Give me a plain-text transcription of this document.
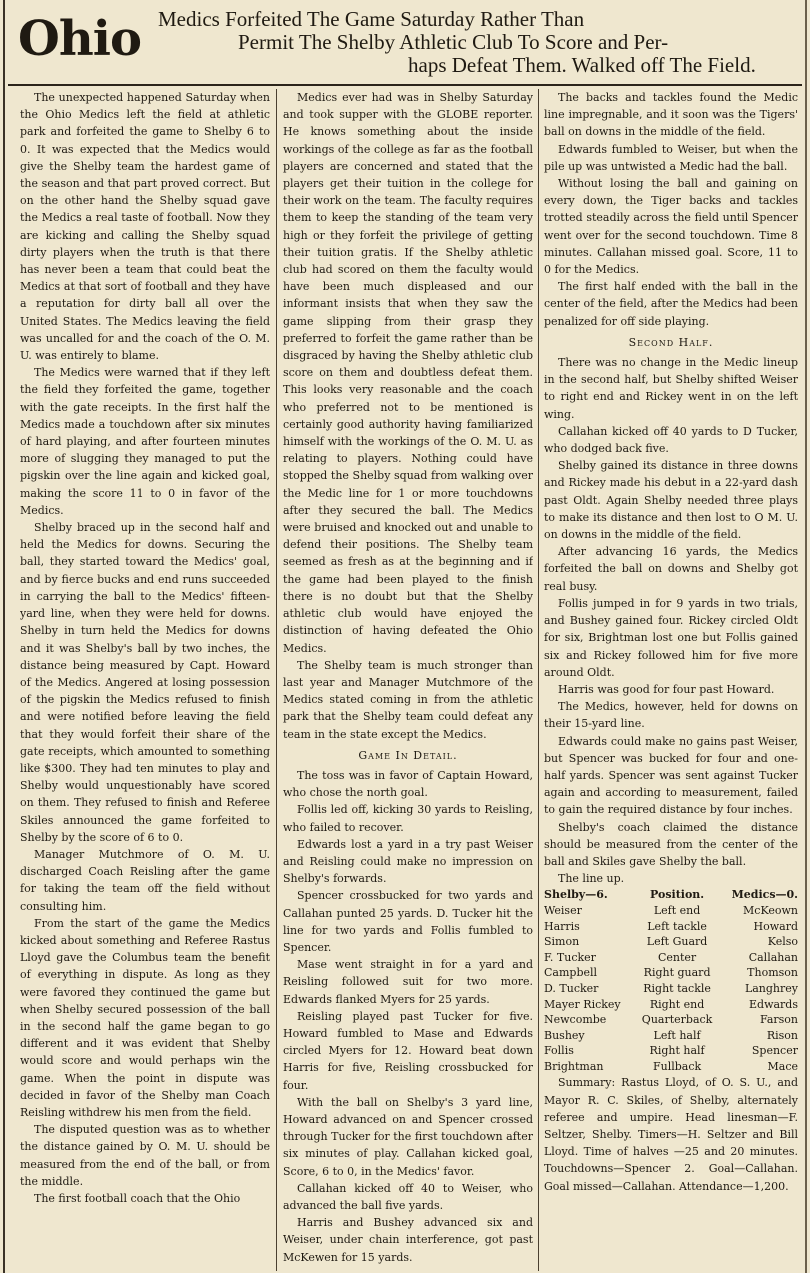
Ohio Medics Forfeited The Game Saturday Rather Than
Permit The Shelby Athletic Club To Score and Per-
haps Defeat Them. Walked off The Field.

The unexpected happened Saturday when the Ohio Medics left the field at athletic park and forfeited the game to Shelby 6 to 0. It was expected that the Medics would give the Shelby team the hardest game of the season and that part proved correct. But on the other hand the Shelby squad gave the Medics a real taste of football. Now they are kicking and calling the Shelby squad dirty players when the truth is that there has never been a team that could beat the Medics at that sort of football and they have a reputation for dirty ball all over the United States. The Medics leaving the field was uncalled for and the coach of the O. M. U. was entirely to blame.

The Medics were warned that if they left the field they forfeited the game, together with the gate receipts. In the first half the Medics made a touchdown after six minutes of hard playing, and after fourteen minutes more of slugging they managed to put the pigskin over the line again and kicked goal, making the score 11 to 0 in favor of the Medics.

Shelby braced up in the second half and held the Medics for downs. Securing the ball, they started toward the Medics' goal, and by fierce bucks and end runs succeeded in carrying the ball to the Medics' fifteen-yard line, when they were held for downs. Shelby in turn held the Medics for downs and it was Shelby's ball by two inches, the distance being measured by Capt. Howard of the Medics. Angered at losing possession of the pigskin the Medics refused to finish and were notified before leaving the field that they would forfeit their share of the gate receipts, which amounted to something like $300. They had ten minutes to play and Shelby would unquestionably have scored on them. They refused to finish and Referee Skiles announced the game forfeited to Shelby by the score of 6 to 0.

Manager Mutchmore of O. M. U. discharged Coach Reisling after the game for taking the team off the field without consulting him.

From the start of the game the Medics kicked about something and Referee Rastus Lloyd gave the Columbus team the benefit of everything in dispute. As long as they were favored they continued the game but when Shelby secured possession of the ball in the second half the game began to go different and it was evident that Shelby would score and would perhaps win the game. When the point in dispute was decided in favor of the Shelby man Coach Reisling withdrew his men from the field.

The disputed question was as to whether the distance gained by O. M. U. should be measured from the end of the ball, or from the middle.

The first football coach that the Ohio

Medics ever had was in Shelby Saturday and took supper with the GLOBE reporter. He knows something about the inside workings of the college as far as the football players are concerned and stated that the players get their tuition in the college for their work on the team. The faculty requires them to keep the standing of the team very high or they forfeit the privilege of getting their tuition gratis. If the Shelby athletic club had scored on them the faculty would have been much displeased and our informant insists that when they saw the game slipping from their grasp they preferred to forfeit the game rather than be disgraced by having the Shelby athletic club score on them and doubtless defeat them. This looks very reasonable and the coach who preferred not to be mentioned is certainly good authority having familiarized himself with the workings of the O. M. U. as relating to players. Nothing could have stopped the Shelby squad from walking over the Medic line for 1 or more touchdowns after they secured the ball. The Medics were bruised and knocked out and unable to defend their positions. The Shelby team seemed as fresh as at the beginning and if the game had been played to the finish there is no doubt but that the Shelby athletic club would have enjoyed the distinction of having defeated the Ohio Medics.

The Shelby team is much stronger than last year and Manager Mutchmore of the Medics stated coming in from the athletic park that the Shelby team could defeat any team in the state except the Medics.

Game In Detail.

The toss was in favor of Captain Howard, who chose the north goal.

Follis led off, kicking 30 yards to Reisling, who failed to recover.

Edwards lost a yard in a try past Weiser and Reisling could make no impression on Shelby's forwards.

Spencer crossbucked for two yards and Callahan punted 25 yards. D. Tucker hit the line for two yards and Follis fumbled to Spencer.

Mase went straight in for a yard and Reisling followed suit for two more. Edwards flanked Myers for 25 yards.

Reisling played past Tucker for five. Howard fumbled to Mase and Edwards circled Myers for 12. Howard beat down Harris for five, Reisling crossbucked for four.

With the ball on Shelby's 3 yard line, Howard advanced on and Spencer crossed through Tucker for the first touchdown after six minutes of play. Callahan kicked goal, Score, 6 to 0, in the Medics' favor.

Callahan kicked off 40 to Weiser, who advanced the ball five yards.

Harris and Bushey advanced six and Weiser, under chain interference, got past McKewen for 15 yards.

The backs and tackles found the Medic line impregnable, and it soon was the Tigers' ball on downs in the middle of the field.

Edwards fumbled to Weiser, but when the pile up was untwisted a Medic had the ball.

Without losing the ball and gaining on every down, the Tiger backs and tackles trotted steadily across the field until Spencer went over for the second touchdown. Time 8 minutes. Callahan missed goal. Score, 11 to 0 for the Medics.

The first half ended with the ball in the center of the field, after the Medics had been penalized for off side playing.

Second Half.

There was no change in the Medic lineup in the second half, but Shelby shifted Weiser to right end and Rickey went in on the left wing.

Callahan kicked off 40 yards to D Tucker, who dodged back five.

Shelby gained its distance in three downs and Rickey made his debut in a 22-yard dash past Oldt. Again Shelby needed three plays to make its distance and then lost to O M. U. on downs in the middle of the field.

After advancing 16 yards, the Medics forfeited the ball on downs and Shelby got real busy.

Follis jumped in for 9 yards in two trials, and Bushey gained four. Rickey circled Oldt for six, Brightman lost one but Follis gained six and Rickey followed him for five more around Oldt.

Harris was good for four past Howard.

The Medics, however, held for downs on their 15-yard line.

Edwards could make no gains past Weiser, but Spencer was bucked for four and one-half yards. Spencer was sent against Tucker again and according to measurement, failed to gain the required distance by four inches.

Shelby's coach claimed the distance should be measured from the center of the ball and Skiles gave Shelby the ball.

The line up.

Shelby—6.	Position.	Medics—0.
Weiser	Left end	McKeown
Harris	Left tackle	Howard
Simon	Left Guard	Kelso
F. Tucker	Center	Callahan
Campbell	Right guard	Thomson
D. Tucker	Right tackle	Langhrey
Mayer Rickey	Right end	Edwards
Newcombe	Quarterback	Farson
Bushey	Left half	Rison
Follis	Right half	Spencer
Brightman	Fullback	Mace

Summary: Rastus Lloyd, of O. S. U., and Mayor R. C. Skiles, of Shelby, alternately referee and umpire. Head linesman—F. Seltzer, Shelby. Timers—H. Seltzer and Bill Lloyd. Time of halves —25 and 20 minutes. Touchdowns—Spencer 2. Goal—Callahan. Goal missed—Callahan. Attendance—1,200.
